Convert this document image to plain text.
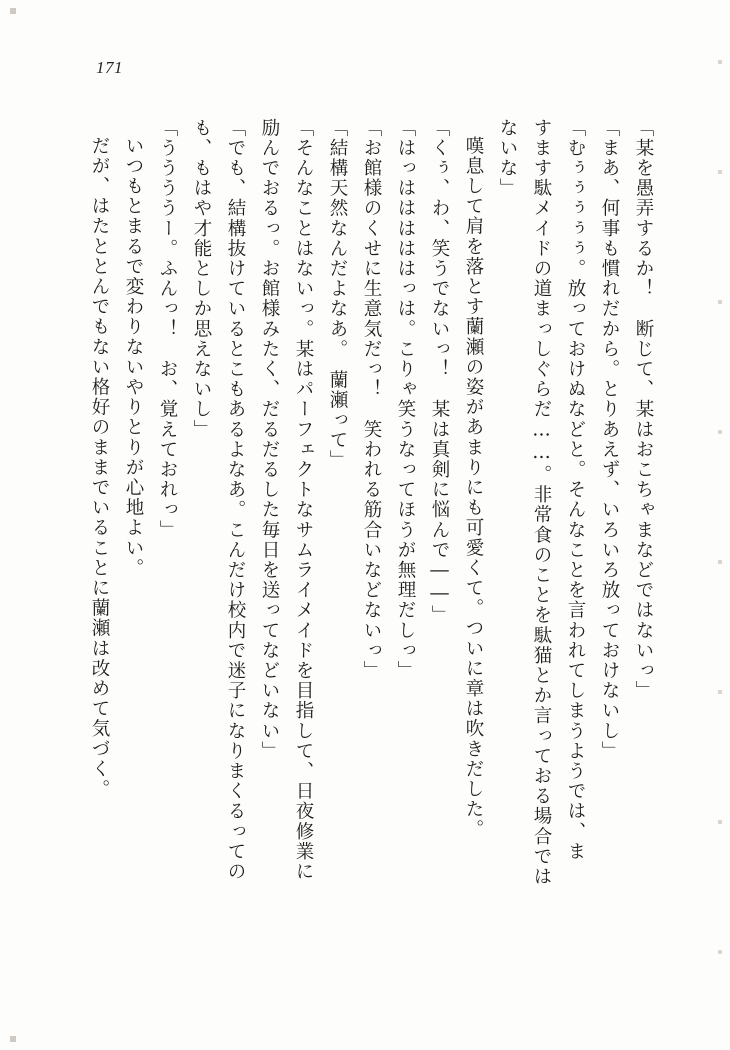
171
「某を愚弄するか！　断じて、某はおこちゃまなどではないっ」
「まあ、何事も慣れだから。とりあえず、いろいろ放っておけないし」
「むぅぅぅぅぅ。放っておけぬなどと。そんなことを言われてしまうようでは、ま
すます駄メイドの道まっしぐらだ……。非常食のことを駄猫とか言っておる場合では
ないな」
嘆息して肩を落とす蘭瀬の姿があまりにも可愛くて。ついに章は吹きだした。
「くぅ、わ、笑うでないっ！　某は真剣に悩んで――」
「はっはははははっは。こりゃ笑うなってほうが無理だしっ」
「お館様のくせに生意気だっ！　笑われる筋合いなどないっ」
「結構天然なんだよなあ。　蘭瀬って」
「そんなことはないっ。某はパーフェクトなサムライメイドを目指して、日夜修業に
励んでおるっ。お館様みたく、だるだるした毎日を送ってなどいない」
「でも、結構抜けているとこもあるよなあ。こんだけ校内で迷子になりまくるっての
も、もはや才能としか思えないし」
「ううううー。ふんっ！　お、覚えておれっ」
いつもとまるで変わりないやりとりが心地よい。
だが、はたととんでもない格好のままでいることに蘭瀬は改めて気づく。
